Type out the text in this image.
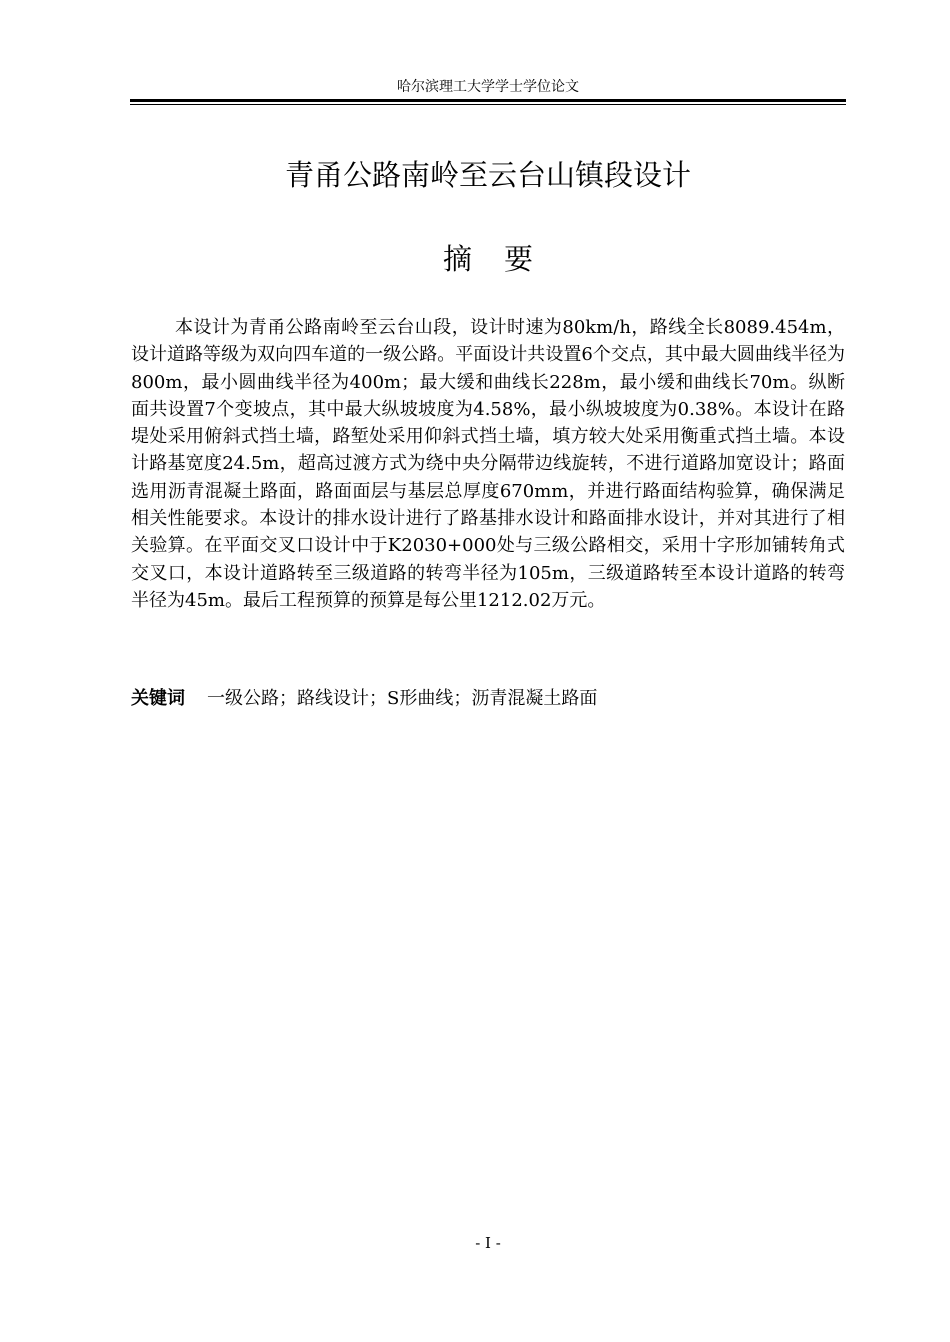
哈尔滨理工大学学士学位论文
青甬公路南岭至云台山镇段设计
摘要

本设计为青甬公路南岭至云台山段，设计时速为80km/h，路线全长8089.454m，设计道路等级为双向四车道的一级公路。平面设计共设置6个交点，其中最大圆曲线半径为800m，最小圆曲线半径为400m；最大缓和曲线长228m，最小缓和曲线长70m。纵断面共设置7个变坡点，其中最大纵坡坡度为4.58%，最小纵坡坡度为0.38%。本设计在路堤处采用俯斜式挡土墙，路堑处采用仰斜式挡土墙，填方较大处采用衡重式挡土墙。本设计路基宽度24.5m，超高过渡方式为绕中央分隔带边线旋转，不进行道路加宽设计；路面选用沥青混凝土路面，路面面层与基层总厚度670mm，并进行路面结构验算，确保满足相关性能要求。本设计的排水设计进行了路基排水设计和路面排水设计，并对其进行了相关验算。在平面交叉口设计中于K2030+000处与三级公路相交，采用十字形加铺转角式交叉口，本设计道路转至三级道路的转弯半径为105m，三级道路转至本设计道路的转弯半径为45m。最后工程预算的预算是每公里1212.02万元。

关键词 一级公路；路线设计；S形曲线；沥青混凝土路面
- I -
